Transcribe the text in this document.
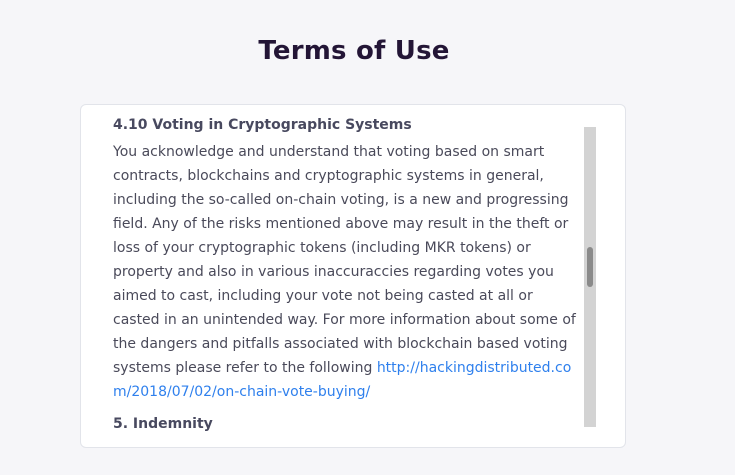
Terms of Use
4.10 Voting in Cryptographic Systems

You acknowledge and understand that voting based on smart contracts, blockchains and cryptographic systems in general, including the so-called on-chain voting, is a new and progressing field. Any of the risks mentioned above may result in the theft or loss of your cryptographic tokens (including MKR tokens) or property and also in various inaccuraccies regarding votes you aimed to cast, including your vote not being casted at all or casted in an unintended way. For more information about some of the dangers and pitfalls associated with blockchain based voting systems please refer to the following http://hackingdistributed.com/2018/07/02/on-chain-vote-buying/

5. Indemnity
